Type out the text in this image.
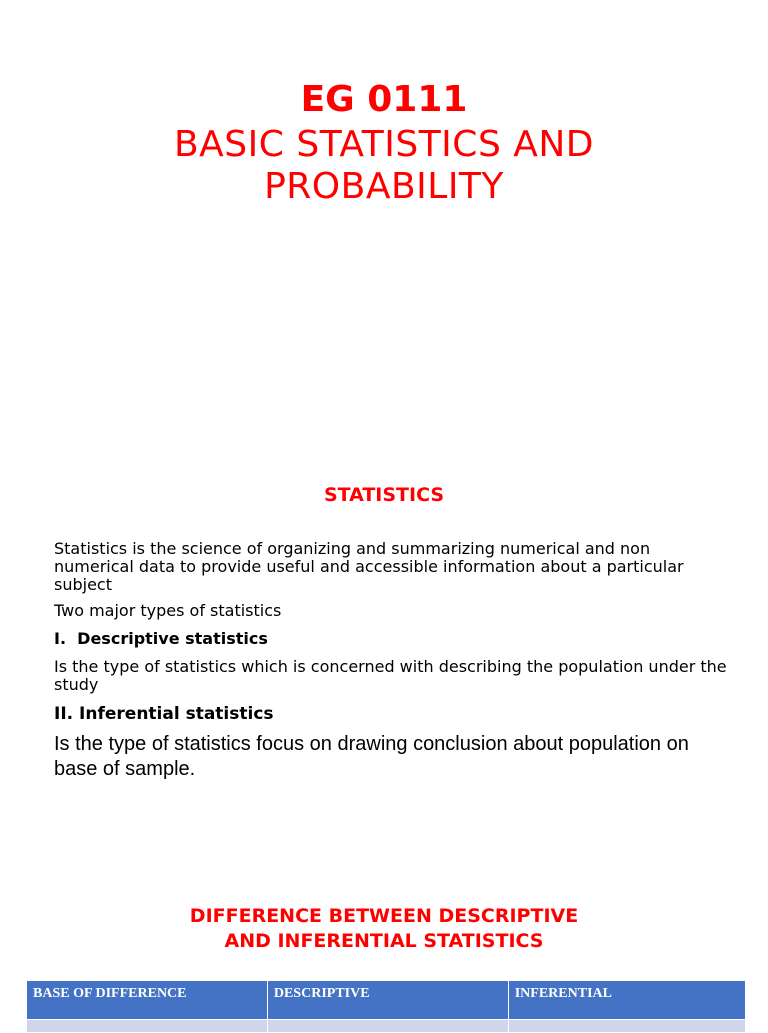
EG 0111
BASIC STATISTICS AND
PROBABILITY
STATISTICS

Statistics is the science of organizing and summarizing numerical and non numerical data to provide useful and accessible information about a particular subject

Two major types of statistics

I.  Descriptive statistics

Is the type of statistics which is concerned with describing the population under the study

II. Inferential statistics

Is the type of statistics focus on drawing conclusion about population on base of sample.

DIFFERENCE BETWEEN DESCRIPTIVE
AND INFERENTIAL STATISTICS
BASE OF DIFFERENCE	DESCRIPTIVE	INFERENTIAL
